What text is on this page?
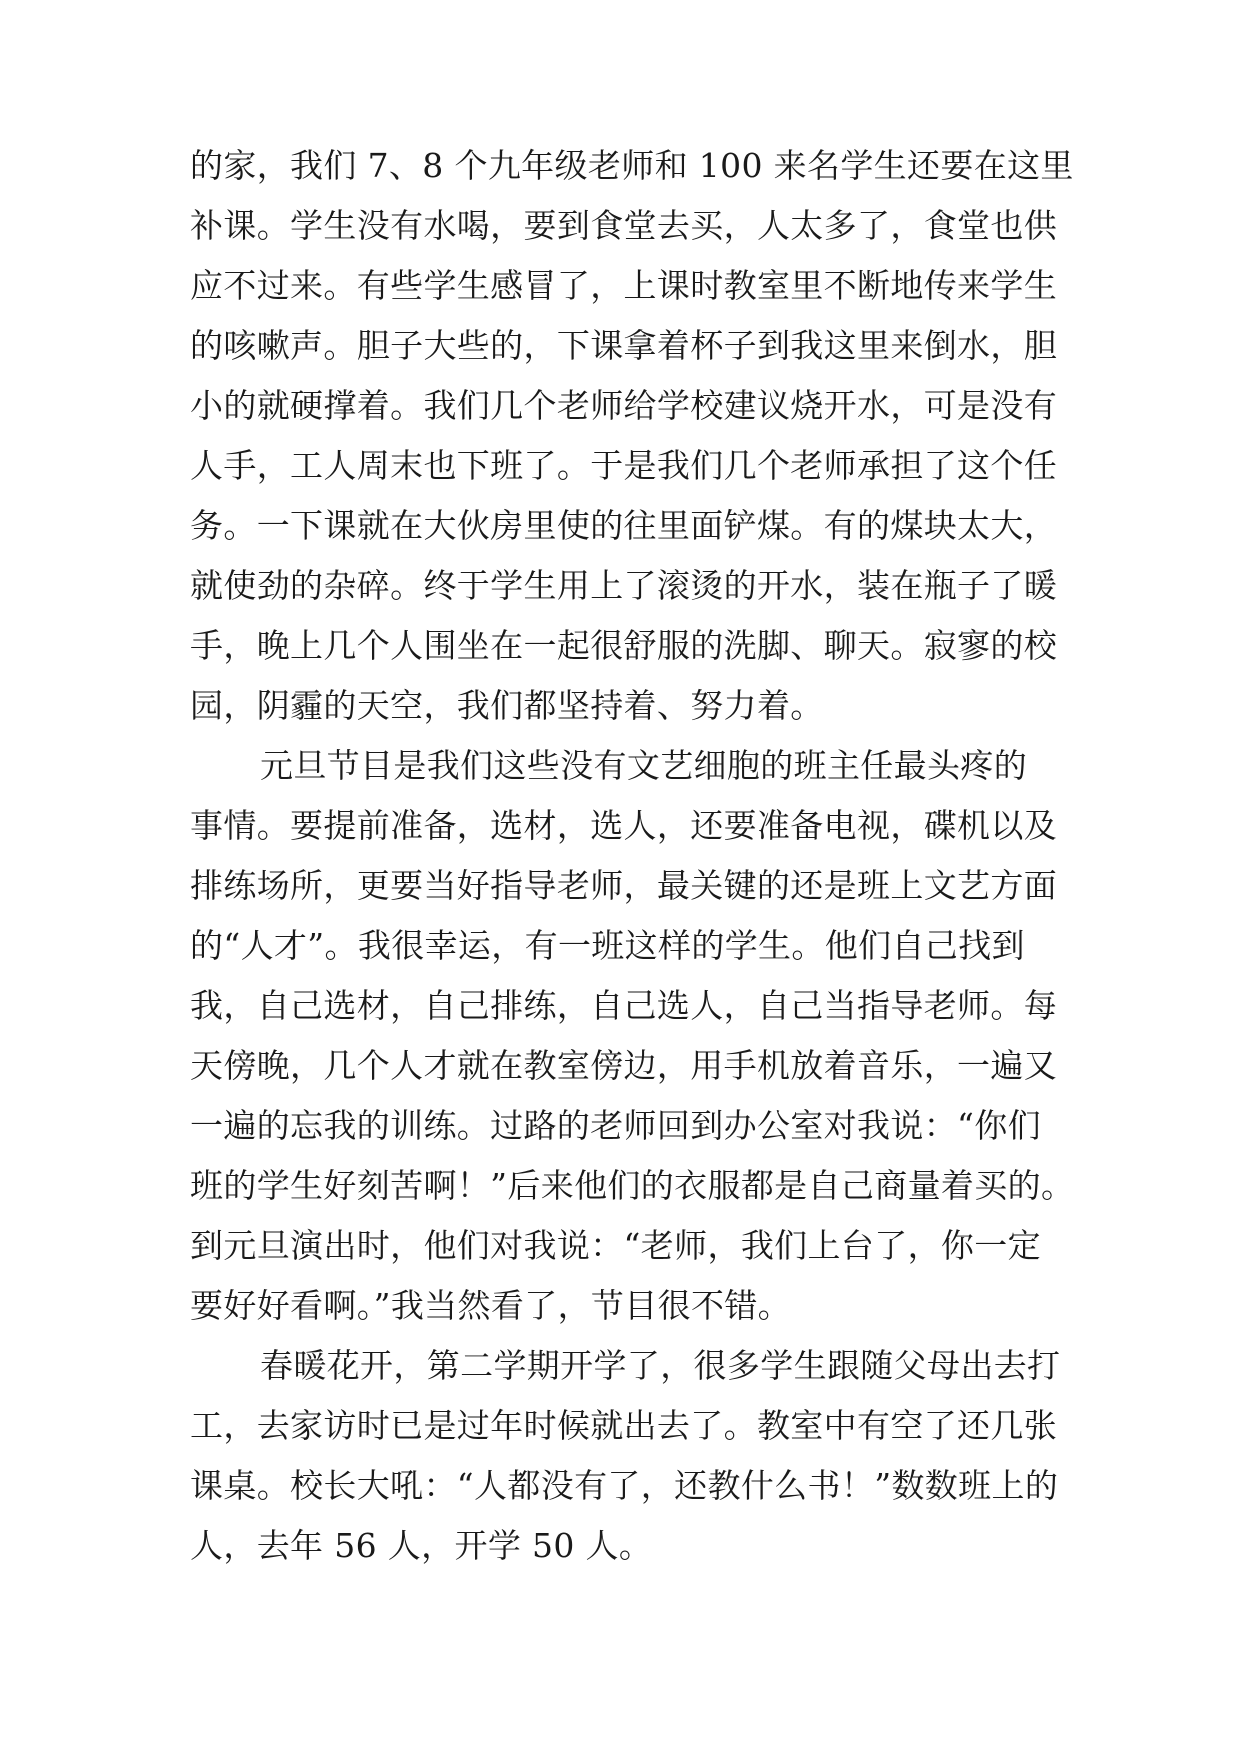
的家，我们 7、8 个九年级老师和 100 来名学生还要在这里
补课。学生没有水喝，要到食堂去买，人太多了，食堂也供
应不过来。有些学生感冒了，上课时教室里不断地传来学生
的咳嗽声。胆子大些的，下课拿着杯子到我这里来倒水，胆
小的就硬撑着。我们几个老师给学校建议烧开水，可是没有
人手，工人周末也下班了。于是我们几个老师承担了这个任
务。一下课就在大伙房里使的往里面铲煤。有的煤块太大，
就使劲的杂碎。终于学生用上了滚烫的开水，装在瓶子了暖
手，晚上几个人围坐在一起很舒服的洗脚、聊天。寂寥的校
园，阴霾的天空，我们都坚持着、努力着。
元旦节目是我们这些没有文艺细胞的班主任最头疼的
事情。要提前准备，选材，选人，还要准备电视，碟机以及
排练场所，更要当好指导老师，最关键的还是班上文艺方面
的“人才”。我很幸运，有一班这样的学生。他们自己找到
我，自己选材，自己排练，自己选人，自己当指导老师。每
天傍晚，几个人才就在教室傍边，用手机放着音乐，一遍又
一遍的忘我的训练。过路的老师回到办公室对我说：“你们
班的学生好刻苦啊！”后来他们的衣服都是自己商量着买的。
到元旦演出时，他们对我说：“老师，我们上台了，你一定
要好好看啊。”我当然看了，节目很不错。
春暖花开，第二学期开学了，很多学生跟随父母出去打
工，去家访时已是过年时候就出去了。教室中有空了还几张
课桌。校长大吼：“人都没有了，还教什么书！”数数班上的
人，去年 56 人，开学 50 人。
